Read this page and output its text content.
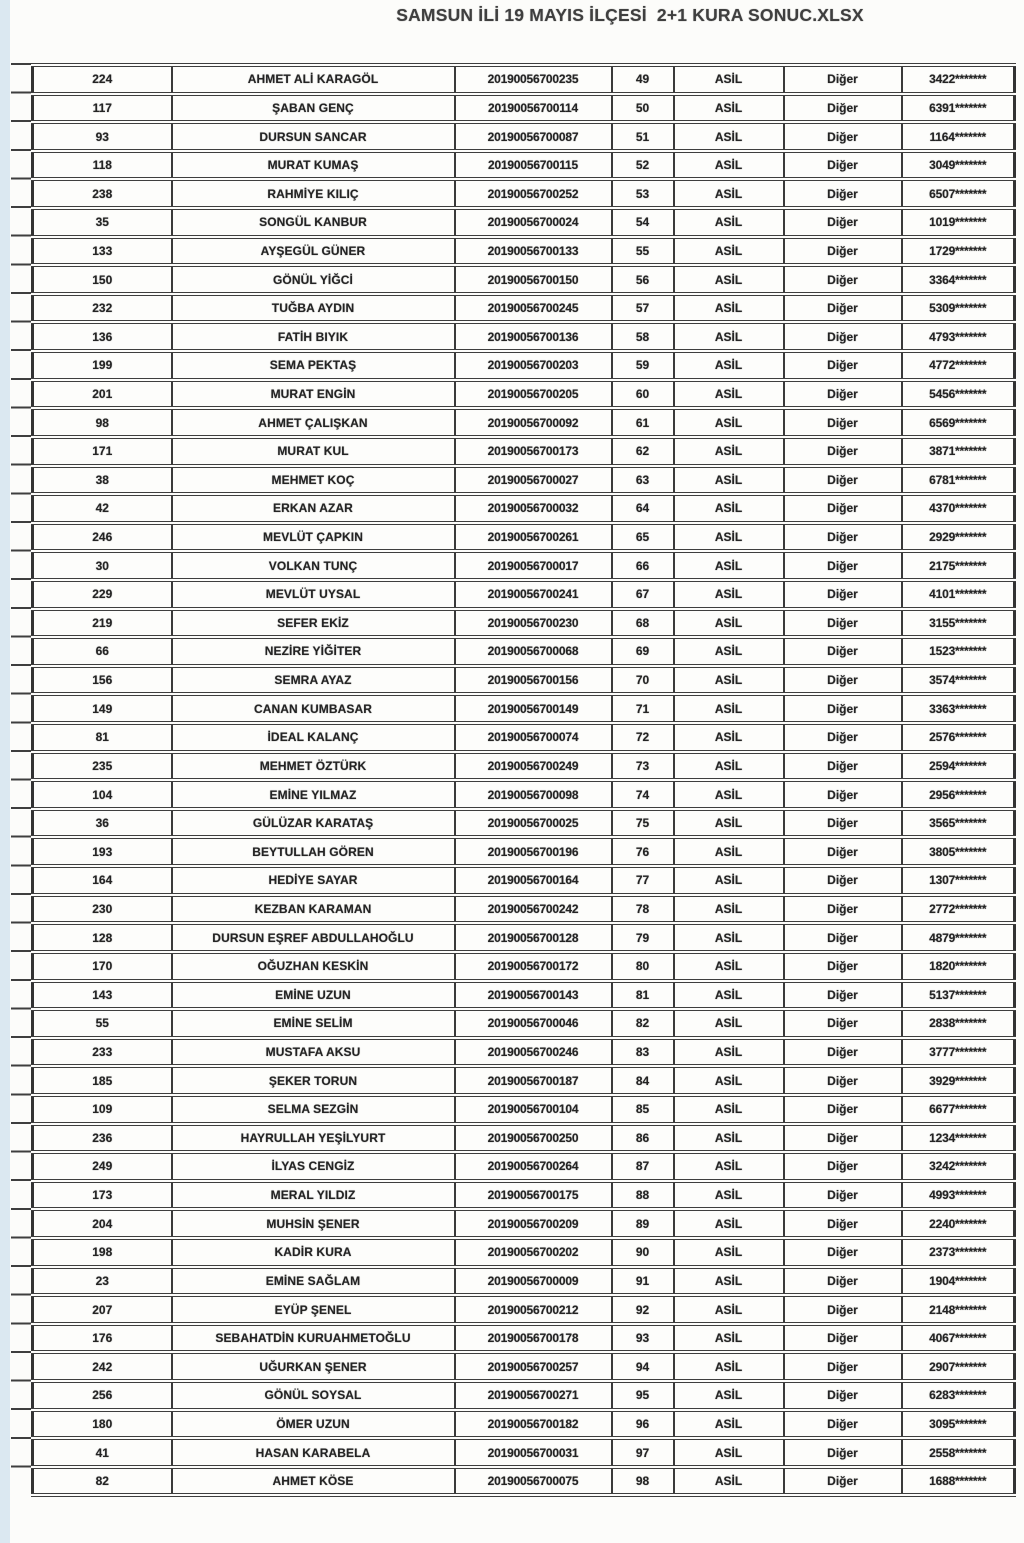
SAMSUN İLİ 19 MAYIS İLÇESİ  2+1 KURA SONUC.XLSX
224	AHMET ALİ KARAGÖL	20190056700235	49	ASİL	Diğer	3422*******
117	ŞABAN GENÇ	20190056700114	50	ASİL	Diğer	6391*******
93	DURSUN SANCAR	20190056700087	51	ASİL	Diğer	1164*******
118	MURAT KUMAŞ	20190056700115	52	ASİL	Diğer	3049*******
238	RAHMİYE KILIÇ	20190056700252	53	ASİL	Diğer	6507*******
35	SONGÜL KANBUR	20190056700024	54	ASİL	Diğer	1019*******
133	AYŞEGÜL GÜNER	20190056700133	55	ASİL	Diğer	1729*******
150	GÖNÜL YİĞCİ	20190056700150	56	ASİL	Diğer	3364*******
232	TUĞBA AYDIN	20190056700245	57	ASİL	Diğer	5309*******
136	FATİH BIYIK	20190056700136	58	ASİL	Diğer	4793*******
199	SEMA PEKTAŞ	20190056700203	59	ASİL	Diğer	4772*******
201	MURAT ENGİN	20190056700205	60	ASİL	Diğer	5456*******
98	AHMET ÇALIŞKAN	20190056700092	61	ASİL	Diğer	6569*******
171	MURAT KUL	20190056700173	62	ASİL	Diğer	3871*******
38	MEHMET KOÇ	20190056700027	63	ASİL	Diğer	6781*******
42	ERKAN AZAR	20190056700032	64	ASİL	Diğer	4370*******
246	MEVLÜT ÇAPKIN	20190056700261	65	ASİL	Diğer	2929*******
30	VOLKAN TUNÇ	20190056700017	66	ASİL	Diğer	2175*******
229	MEVLÜT UYSAL	20190056700241	67	ASİL	Diğer	4101*******
219	SEFER EKİZ	20190056700230	68	ASİL	Diğer	3155*******
66	NEZİRE YİĞİTER	20190056700068	69	ASİL	Diğer	1523*******
156	SEMRA AYAZ	20190056700156	70	ASİL	Diğer	3574*******
149	CANAN KUMBASAR	20190056700149	71	ASİL	Diğer	3363*******
81	İDEAL KALANÇ	20190056700074	72	ASİL	Diğer	2576*******
235	MEHMET ÖZTÜRK	20190056700249	73	ASİL	Diğer	2594*******
104	EMİNE YILMAZ	20190056700098	74	ASİL	Diğer	2956*******
36	GÜLÜZAR KARATAŞ	20190056700025	75	ASİL	Diğer	3565*******
193	BEYTULLAH GÖREN	20190056700196	76	ASİL	Diğer	3805*******
164	HEDİYE SAYAR	20190056700164	77	ASİL	Diğer	1307*******
230	KEZBAN KARAMAN	20190056700242	78	ASİL	Diğer	2772*******
128	DURSUN EŞREF ABDULLAHOĞLU	20190056700128	79	ASİL	Diğer	4879*******
170	OĞUZHAN KESKİN	20190056700172	80	ASİL	Diğer	1820*******
143	EMİNE UZUN	20190056700143	81	ASİL	Diğer	5137*******
55	EMİNE SELİM	20190056700046	82	ASİL	Diğer	2838*******
233	MUSTAFA AKSU	20190056700246	83	ASİL	Diğer	3777*******
185	ŞEKER TORUN	20190056700187	84	ASİL	Diğer	3929*******
109	SELMA SEZGİN	20190056700104	85	ASİL	Diğer	6677*******
236	HAYRULLAH YEŞİLYURT	20190056700250	86	ASİL	Diğer	1234*******
249	İLYAS CENGİZ	20190056700264	87	ASİL	Diğer	3242*******
173	MERAL YILDIZ	20190056700175	88	ASİL	Diğer	4993*******
204	MUHSİN ŞENER	20190056700209	89	ASİL	Diğer	2240*******
198	KADİR KURA	20190056700202	90	ASİL	Diğer	2373*******
23	EMİNE SAĞLAM	20190056700009	91	ASİL	Diğer	1904*******
207	EYÜP ŞENEL	20190056700212	92	ASİL	Diğer	2148*******
176	SEBAHATDİN KURUAHMETOĞLU	20190056700178	93	ASİL	Diğer	4067*******
242	UĞURKAN ŞENER	20190056700257	94	ASİL	Diğer	2907*******
256	GÖNÜL SOYSAL	20190056700271	95	ASİL	Diğer	6283*******
180	ÖMER UZUN	20190056700182	96	ASİL	Diğer	3095*******
41	HASAN KARABELA	20190056700031	97	ASİL	Diğer	2558*******
82	AHMET KÖSE	20190056700075	98	ASİL	Diğer	1688*******
